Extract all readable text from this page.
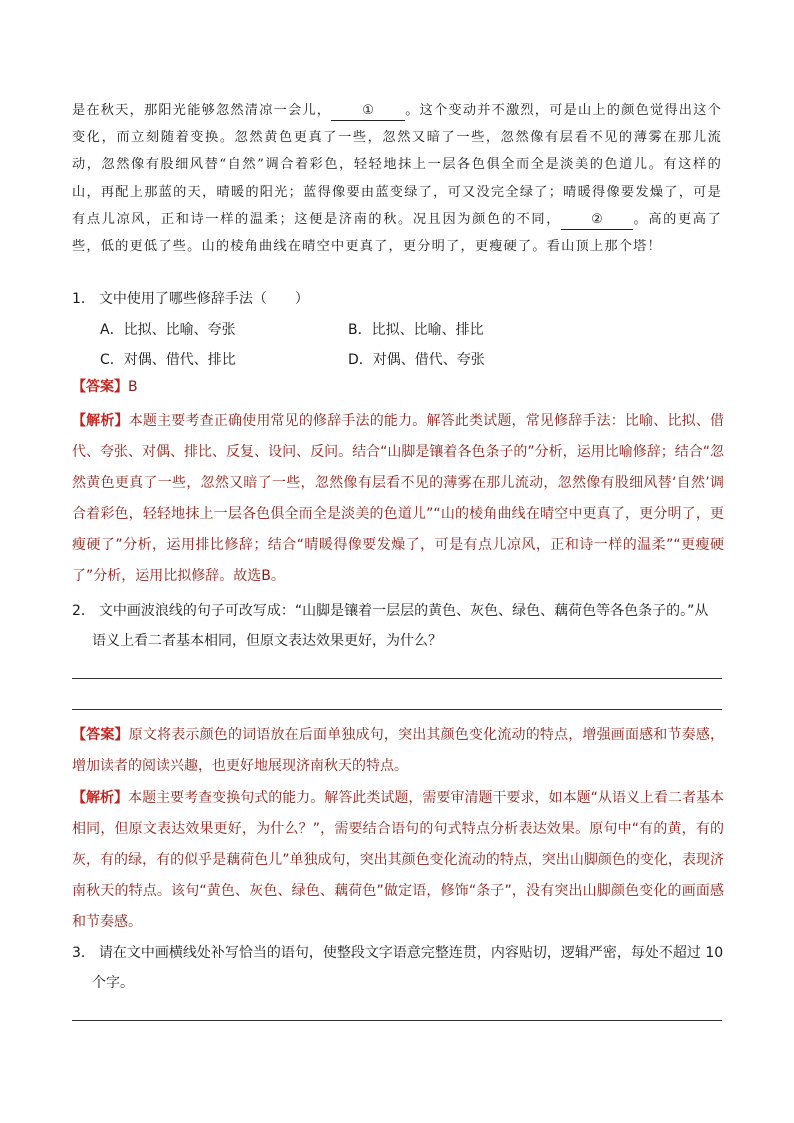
是在秋天，那阳光能够忽然清凉一会儿， ① 。这个变动并不激烈，可是山上的颜色觉得出这个变化，而立刻随着变换。忽然黄色更真了一些，忽然又暗了一些，忽然像有层看不见的薄雾在那儿流动，忽然像有股细风替“自然”调合着彩色，轻轻地抹上一层各色俱全而全是淡美的色道儿。有这样的山，再配上那蓝的天，晴暖的阳光；蓝得像要由蓝变绿了，可又没完全绿了；晴暖得像要发燥了，可是有点儿凉风，正和诗一样的温柔；这便是济南的秋。况且因为颜色的不同， ② 。高的更高了些，低的更低了些。山的棱角曲线在晴空中更真了，更分明了，更瘦硬了。看山顶上那个塔！
1． 文中使用了哪些修辞手法（　　）
A．比拟、比喻、夸张	B．比拟、比喻、排比
C．对偶、借代、排比	D．对偶、借代、夸张
【答案】B
【解析】本题主要考查正确使用常见的修辞手法的能力。解答此类试题，常见修辞手法：比喻、比拟、借代、夸张、对偶、排比、反复、设问、反问。结合“山脚是镶着各色条子的”分析，运用比喻修辞；结合“忽然黄色更真了一些，忽然又暗了一些，忽然像有层看不见的薄雾在那儿流动，忽然像有股细风替‘自然’调合着彩色，轻轻地抹上一层各色俱全而全是淡美的色道儿”“山的棱角曲线在晴空中更真了，更分明了，更瘦硬了”分析，运用排比修辞；结合“晴暖得像要发燥了，可是有点儿凉风，正和诗一样的温柔”“更瘦硬了”分析，运用比拟修辞。故选B。
2． 文中画波浪线的句子可改写成：“山脚是镶着一层层的黄色、灰色、绿色、藕荷色等各色条子的。”从
语义上看二者基本相同，但原文表达效果更好，为什么？
【答案】原文将表示颜色的词语放在后面单独成句，突出其颜色变化流动的特点，增强画面感和节奏感，增加读者的阅读兴趣，也更好地展现济南秋天的特点。
【解析】本题主要考查变换句式的能力。解答此类试题，需要审清题干要求，如本题“从语义上看二者基本相同，但原文表达效果更好，为什么？”，需要结合语句的句式特点分析表达效果。原句中“有的黄，有的灰，有的绿，有的似乎是藕荷色儿”单独成句，突出其颜色变化流动的特点，突出山脚颜色的变化，表现济南秋天的特点。该句“黄色、灰色、绿色、藕荷色”做定语，修饰“条子”，没有突出山脚颜色变化的画面感和节奏感。
3． 请在文中画横线处补写恰当的语句，使整段文字语意完整连贯，内容贴切，逻辑严密，每处不超过 10
个字。
